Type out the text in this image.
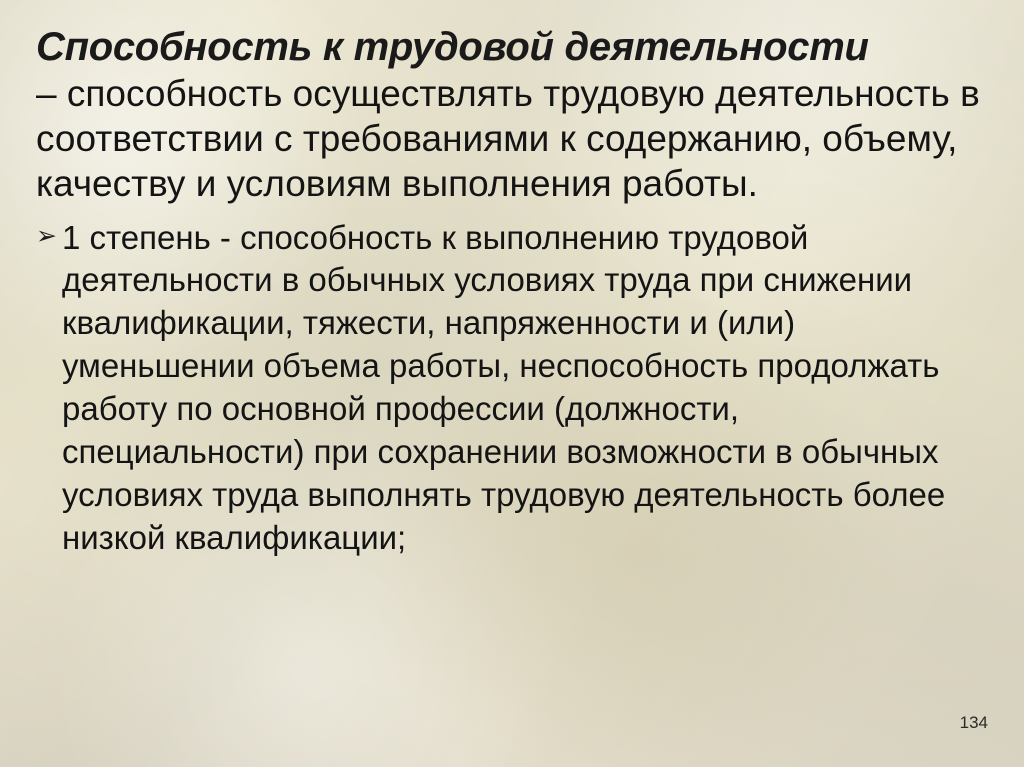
Способность к трудовой деятельности
– способность осуществлять трудовую деятельность в соответствии с требованиями к содержанию, объему, качеству и условиям выполнения работы.
➢ 1 степень - способность к выполнению трудовой деятельности в обычных условиях труда при снижении квалификации, тяжести, напряженности и (или) уменьшении объема работы, неспособность продолжать работу по основной профессии (должности, специальности) при сохранении возможности в обычных условиях труда выполнять трудовую деятельность более низкой квалификации;
134
